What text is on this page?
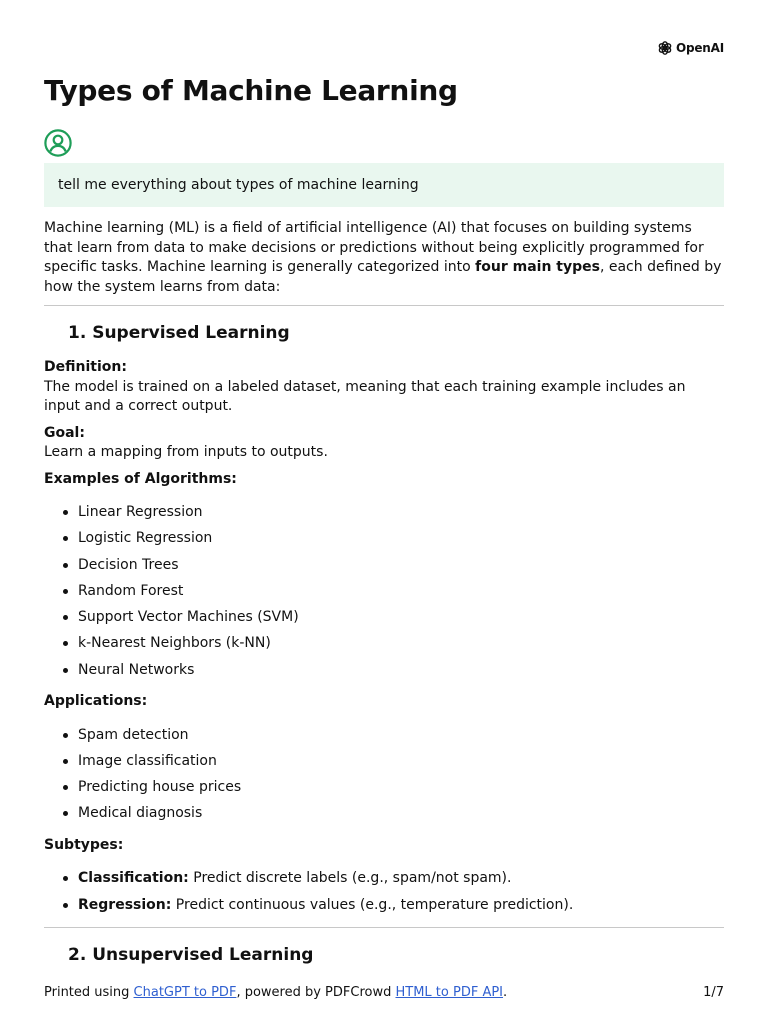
OpenAI
Types of Machine Learning
tell me everything about types of machine learning

Machine learning (ML) is a field of artificial intelligence (AI) that focuses on building systems that learn from data to make decisions or predictions without being explicitly programmed for specific tasks. Machine learning is generally categorized into four main types, each defined by how the system learns from data:

1. Supervised Learning
Definition:
The model is trained on a labeled dataset, meaning that each training example includes an input and a correct output.
Goal:
Learn a mapping from inputs to outputs.
Examples of Algorithms:
Linear Regression
Logistic Regression
Decision Trees
Random Forest
Support Vector Machines (SVM)
k-Nearest Neighbors (k-NN)
Neural Networks
Applications:
Spam detection
Image classification
Predicting house prices
Medical diagnosis
Subtypes:
Classification: Predict discrete labels (e.g., spam/not spam).
Regression: Predict continuous values (e.g., temperature prediction).
2. Unsupervised Learning
Printed using ChatGPT to PDF, powered by PDFCrowd HTML to PDF API.	1/7
